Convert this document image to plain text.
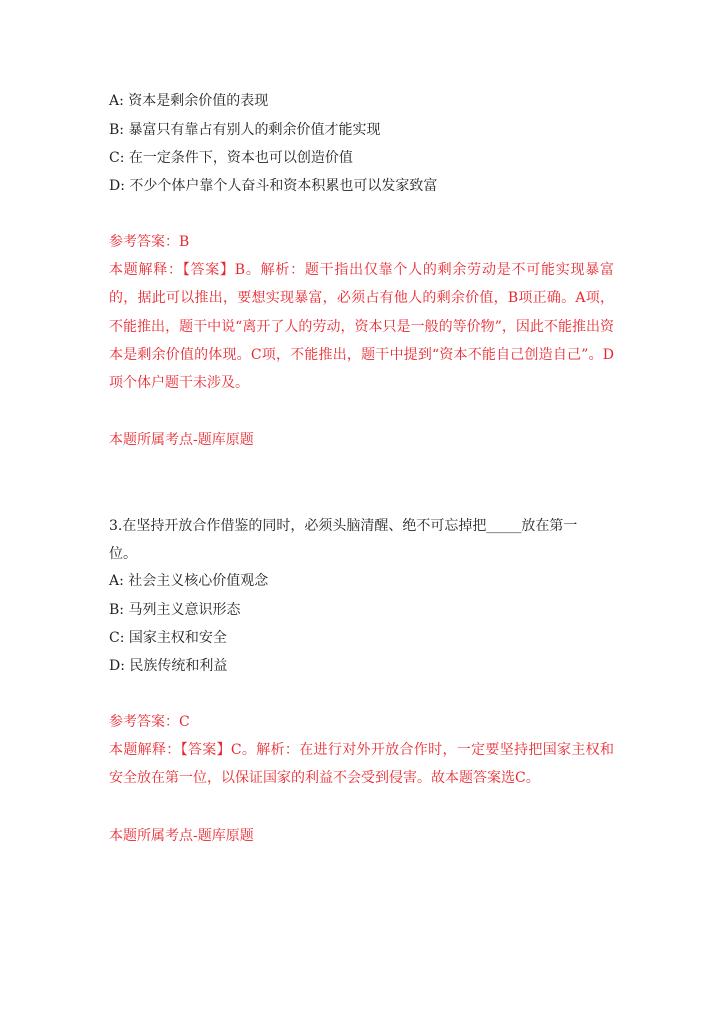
A: 资本是剩余价值的表现
B: 暴富只有靠占有别人的剩余价值才能实现
C: 在一定条件下，资本也可以创造价值
D: 不少个体户靠个人奋斗和资本积累也可以发家致富
参考答案：B
本题解释：【答案】B。解析：题干指出仅靠个人的剩余劳动是不可能实现暴富的，据此可以推出，要想实现暴富，必须占有他人的剩余价值，B项正确。A项，不能推出，题干中说“离开了人的劳动，资本只是一般的等价物”，因此不能推出资本是剩余价值的体现。C项，不能推出，题干中提到“资本不能自己创造自己”。D项个体户题干未涉及。
本题所属考点-题库原题
3.在坚持开放合作借鉴的同时，必须头脑清醒、绝不可忘掉把_____放在第一位。
A: 社会主义核心价值观念
B: 马列主义意识形态
C: 国家主权和安全
D: 民族传统和利益
参考答案：C
本题解释：【答案】C。解析：在进行对外开放合作时，一定要坚持把国家主权和安全放在第一位，以保证国家的利益不会受到侵害。故本题答案选C。
本题所属考点-题库原题
